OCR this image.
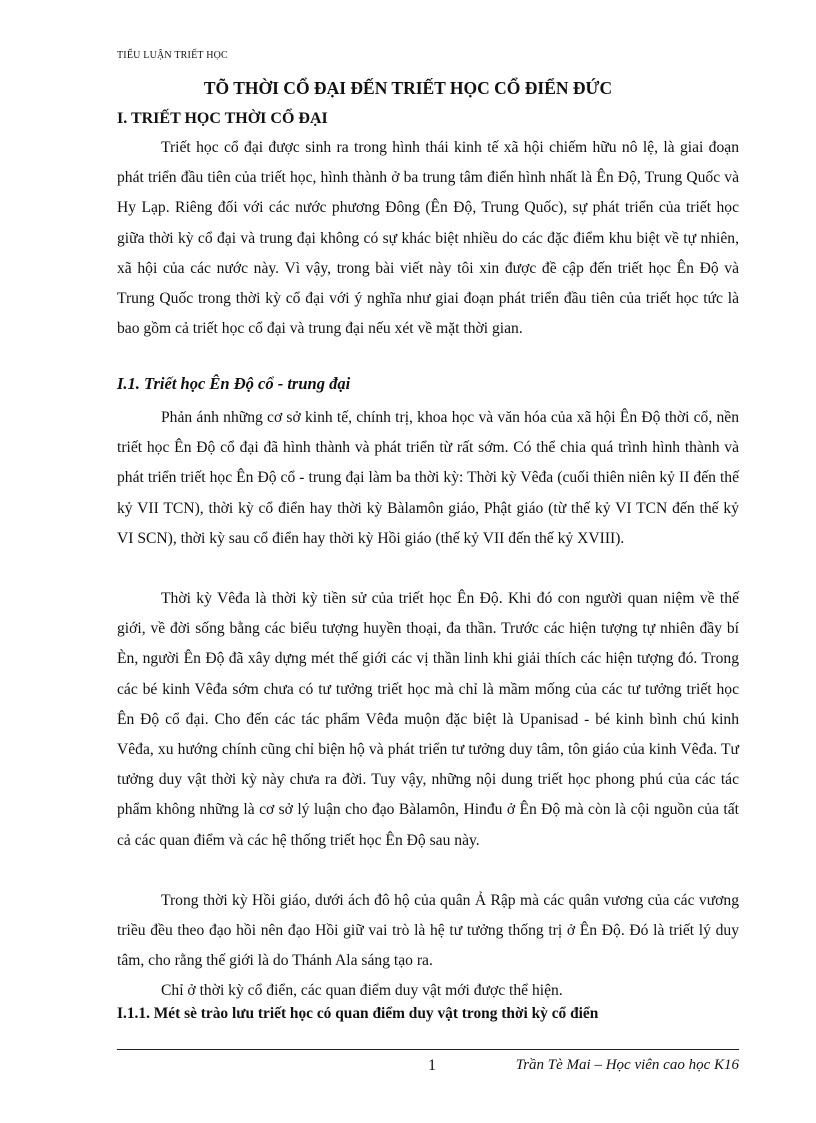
TIỂU LUẬN TRIẾT HỌC
TÕ THỜI CỔ ĐẠI ĐẾN TRIẾT HỌC CỔ ĐIỂN ĐỨC
I. TRIẾT HỌC THỜI CỔ ĐẠI

Triết học cổ đại được sinh ra trong hình thái kinh tế xã hội chiếm hữu nô lệ, là giai đoạn phát triển đầu tiên của triết học, hình thành ở ba trung tâm điển hình nhất là Ên Độ, Trung Quốc và Hy Lạp. Riêng đối với các nước phương Đông (Ên Độ, Trung Quốc), sự phát triển của triết học giữa thời kỳ cổ đại và trung đại không có sự khác biệt nhiều do các đặc điểm khu biệt về tự nhiên, xã hội của các nước này. Vì vậy, trong bài viết này tôi xin được đề cập đến triết học Ên Độ và Trung Quốc trong thời kỳ cổ đại với ý nghĩa như giai đoạn phát triển đầu tiên của triết học tức là bao gồm cả triết học cổ đại và trung đại nếu xét về mặt thời gian.

I.1. Triết học Ên Độ cổ - trung đại

Phản ánh những cơ sở kinh tế, chính trị, khoa học và văn hóa của xã hội Ên Độ thời cổ, nền triết học Ên Độ cổ đại đã hình thành và phát triển từ rất sớm. Có thể chia quá trình hình thành và phát triển triết học Ên Độ cổ - trung đại làm ba thời kỳ: Thời kỳ Vêđa (cuối thiên niên kỷ II đến thế kỷ VII TCN), thời kỳ cổ điển hay thời kỳ Bàlamôn giáo, Phật giáo (từ thế kỷ VI TCN đến thế kỷ VI SCN), thời kỳ sau cổ điển hay thời kỳ Hồi giáo (thế kỷ VII đến thế kỷ XVIII).

Thời kỳ Vêđa là thời kỳ tiền sử của triết học Ên Độ. Khi đó con người quan niệm về thế giới, về đời sống bằng các biểu tượng huyền thoại, đa thần. Trước các hiện tượng tự nhiên đầy bí Èn, người Ên Độ đã xây dựng mét thế giới các vị thần linh khi giải thích các hiện tượng đó. Trong các bé kinh Vêđa sớm chưa có tư tưởng triết học mà chỉ là mầm mống của các tư tưởng triết học Ên Độ cổ đại. Cho đến các tác phẩm Vêđa muộn đặc biệt là Upanisad - bé kinh bình chú kinh Vêđa, xu hướng chính cũng chỉ biện hộ và phát triển tư tưởng duy tâm, tôn giáo của kinh Vêđa. Tư tưởng duy vật thời kỳ này chưa ra đời. Tuy vậy, những nội dung triết học phong phú của các tác phẩm không những là cơ sở lý luận cho đạo Bàlamôn, Hinđu ở Ên Độ mà còn là cội nguồn của tất cả các quan điểm và các hệ thống triết học Ên Độ sau này.

Trong thời kỳ Hồi giáo, dưới ách đô hộ của quân Ả Rập mà các quân vương của các vương triều đều theo đạo hồi nên đạo Hồi giữ vai trò là hệ tư tưởng thống trị ở Ên Độ. Đó là triết lý duy tâm, cho rằng thế giới là do Thánh Ala sáng tạo ra.

Chỉ ở thời kỳ cổ điển, các quan điểm duy vật mới được thể hiện.

I.1.1. Mét sè trào lưu triết học có quan điểm duy vật trong thời kỳ cổ điển
1	Trần Tè Mai – Học viên cao học K16
